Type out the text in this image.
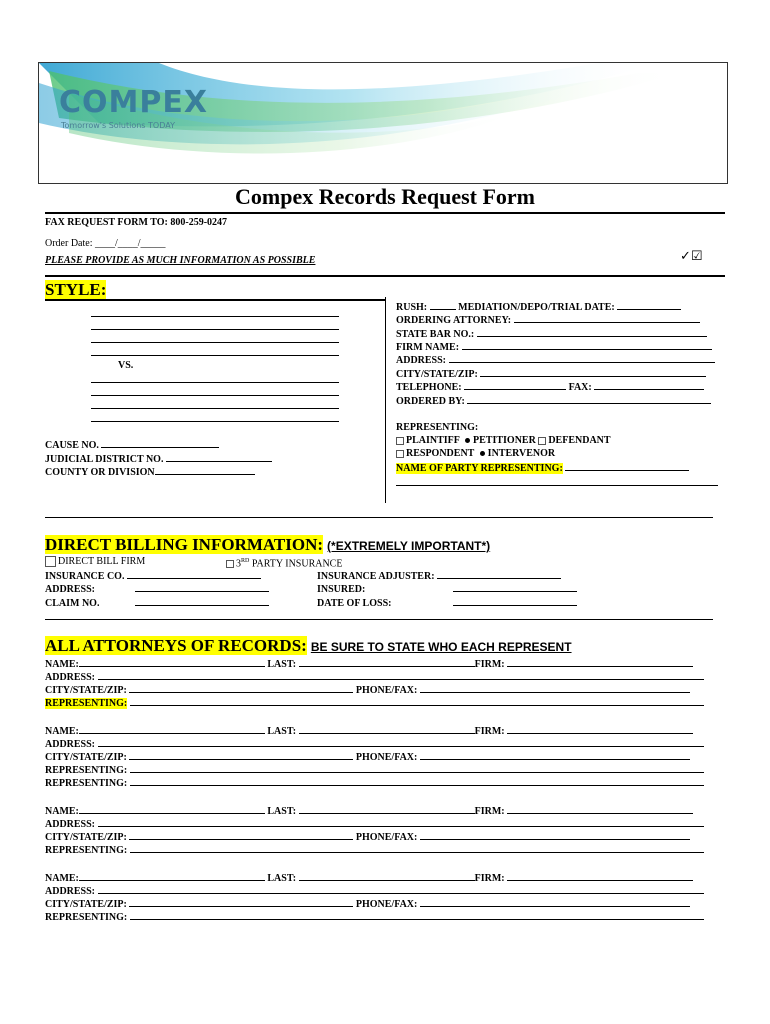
COMPEX
Tomorrow's Solutions TODAY
Compex Records Request Form
FAX REQUEST FORM TO: 800-259-0247
Order Date: ____/____/_____
PLEASE PROVIDE AS MUCH INFORMATION AS POSSIBLE	✓☑
STYLE:
VS.
CAUSE NO.
JUDICIAL DISTRICT NO.
COUNTY OR DIVISION
RUSH:	MEDIATION/DEPO/TRIAL DATE:
ORDERING ATTORNEY:
STATE BAR NO.:
FIRM NAME:
ADDRESS:
CITY/STATE/ZIP:
TELEPHONE:	FAX:
ORDERED BY:
REPRESENTING:
PLAINTIFF PETITIONER DEFENDANT
RESPONDENT INTERVENOR
NAME OF PARTY REPRESENTING:
DIRECT BILLING INFORMATION: (*EXTREMELY IMPORTANT*)
DIRECT BILL FIRM	3RD PARTY INSURANCE
INSURANCE CO.
ADDRESS:
CLAIM NO.
INSURANCE ADJUSTER:
INSURED:
DATE OF LOSS:
ALL ATTORNEYS OF RECORDS: BE SURE TO STATE WHO EACH REPRESENT
NAME:	LAST:	FIRM:
ADDRESS:
CITY/STATE/ZIP:	PHONE/FAX:
REPRESENTING:
NAME:	LAST:	FIRM:
ADDRESS:
CITY/STATE/ZIP:	PHONE/FAX:
REPRESENTING:
REPRESENTING:
NAME:	LAST:	FIRM:
ADDRESS:
CITY/STATE/ZIP:	PHONE/FAX:
REPRESENTING:
NAME:	LAST:	FIRM:
ADDRESS:
CITY/STATE/ZIP:	PHONE/FAX:
REPRESENTING:
